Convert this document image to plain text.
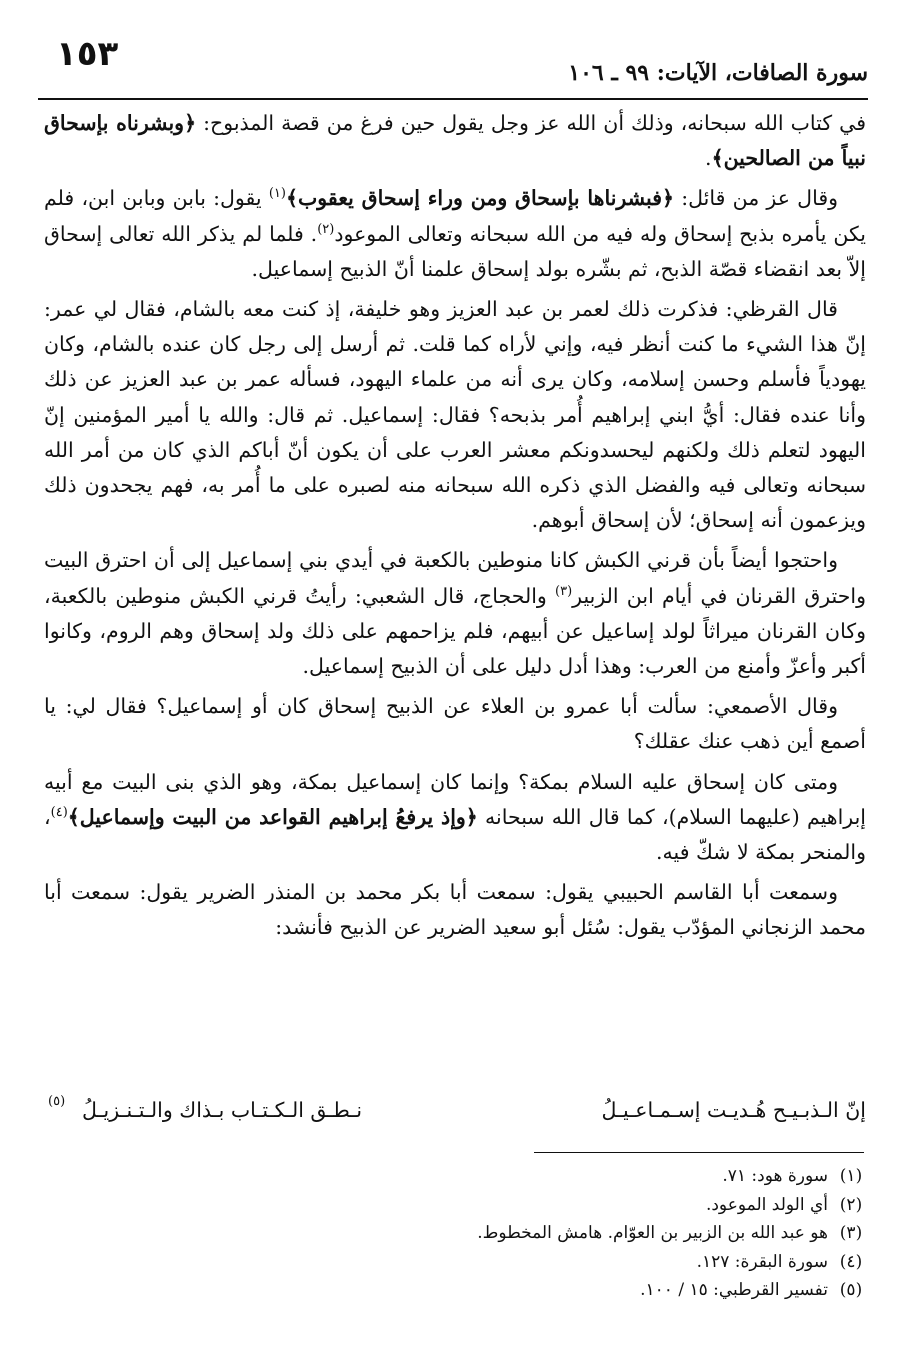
١٥٣	سورة الصافات، الآيات: ٩٩ ـ ١٠٦

في كتاب الله سبحانه، وذلك أن الله عز وجل يقول حين فرغ من قصة المذبوح: ﴿وبشرناه بإسحاق نبياً من الصالحين﴾.

وقال عز من قائل: ﴿فبشرناها بإسحاق ومن وراء إسحاق يعقوب﴾$^{(١)}$ يقول: بابن وبابن ابن، فلم يكن يأمره بذبح إسحاق وله فيه من الله سبحانه وتعالى الموعود$^{(٢)}$. فلما لم يذكر الله تعالى إسحاق إلاّ بعد انقضاء قصّة الذبح، ثم بشّره بولد إسحاق علمنا أنّ الذبيح إسماعيل.

قال القرظي: فذكرت ذلك لعمر بن عبد العزيز وهو خليفة، إذ كنت معه بالشام، فقال لي عمر: إنّ هذا الشيء ما كنت أنظر فيه، وإني لأراه كما قلت. ثم أرسل إلى رجل كان عنده بالشام، وكان يهودياً فأسلم وحسن إسلامه، وكان يرى أنه من علماء اليهود، فسأله عمر بن عبد العزيز عن ذلك وأنا عنده فقال: أيُّ ابني إبراهيم أُمر بذبحه؟ فقال: إسماعيل. ثم قال: والله يا أمير المؤمنين إنّ اليهود لتعلم ذلك ولكنهم ليحسدونكم معشر العرب على أن يكون أنّ أباكم الذي كان من أمر الله سبحانه وتعالى فيه والفضل الذي ذكره الله سبحانه منه لصبره على ما أُمر به، فهم يجحدون ذلك ويزعمون أنه إسحاق؛ لأن إسحاق أبوهم.

واحتجوا أيضاً بأن قرني الكبش كانا منوطين بالكعبة في أيدي بني إسماعيل إلى أن احترق البيت واحترق القرنان في أيام ابن الزبير$^{(٣)}$ والحجاج، قال الشعبي: رأيتُ قرني الكبش منوطين بالكعبة، وكان القرنان ميراثاً لولد إساعيل عن أبيهم، فلم يزاحمهم على ذلك ولد إسحاق وهم الروم، وكانوا أكبر وأعزّ وأمنع من العرب: وهذا أدل دليل على أن الذبيح إسماعيل.

وقال الأصمعي: سألت أبا عمرو بن العلاء عن الذبيح إسحاق كان أو إسماعيل؟ فقال لي: يا أصمع أين ذهب عنك عقلك؟

ومتى كان إسحاق عليه السلام بمكة؟ وإنما كان إسماعيل بمكة، وهو الذي بنى البيت مع أبيه إبراهيم (عليهما السلام)، كما قال الله سبحانه ﴿وإذ يرفعُ إبراهيم القواعد من البيت وإسماعيل﴾$^{(٤)}$، والمنحر بمكة لا شكّ فيه.

وسمعت أبا القاسم الحبيبي يقول: سمعت أبا بكر محمد بن المنذر الضرير يقول: سمعت أبا محمد الزنجاني المؤدّب يقول: سُئل أبو سعيد الضرير عن الذبيح فأنشد:

إنّ الـذبـيـح هُـديـت إسـمـاعـيـلُ
نـطـق الـكـتـاب بـذاك والـتـنـزيـلُ
(٥)
(١)
سورة هود: ٧١.
(٢)
أي الولد الموعود.
(٣)
هو عبد الله بن الزبير بن العوّام. هامش المخطوط.
(٤)
سورة البقرة: ١٢٧.
(٥)
تفسير القرطبي: ١٥ / ١٠٠.
